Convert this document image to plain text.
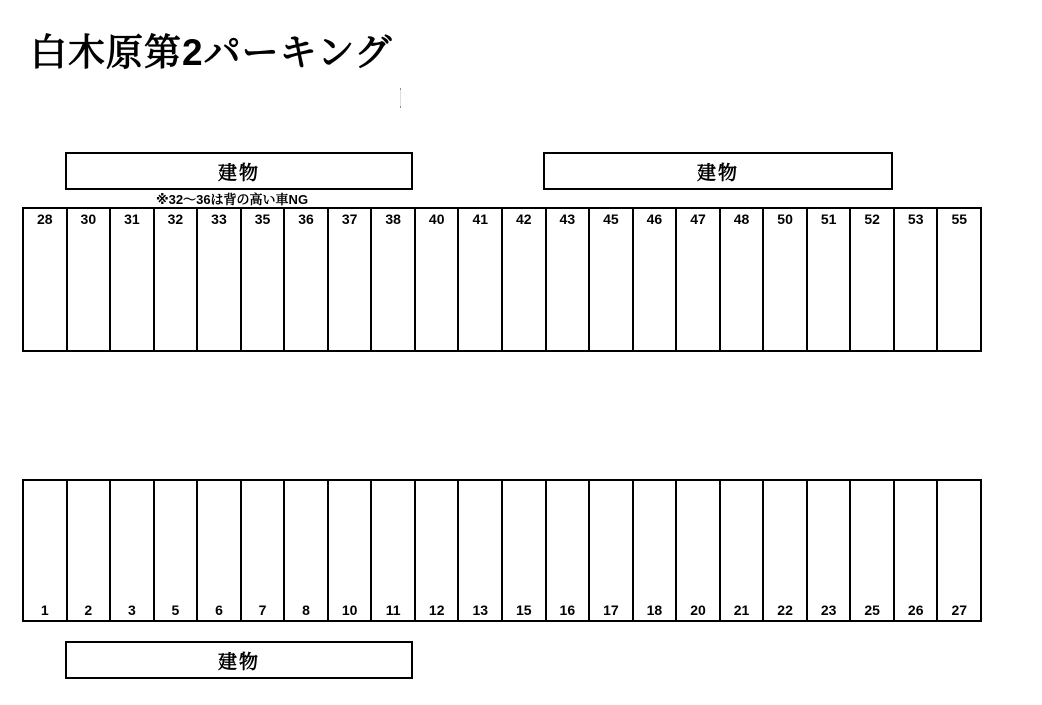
白木原第2パーキング
建物	建物
※32～36は背の高い車NG
28 30 31 32 33 35 36 37 38 40 41 42 43 45 46 47 48 50 51 52 53 55
1	2	3	5	6	7	8 10 11 12 13 15 16 17 18 20 21 22 23 25 26 27
建物
